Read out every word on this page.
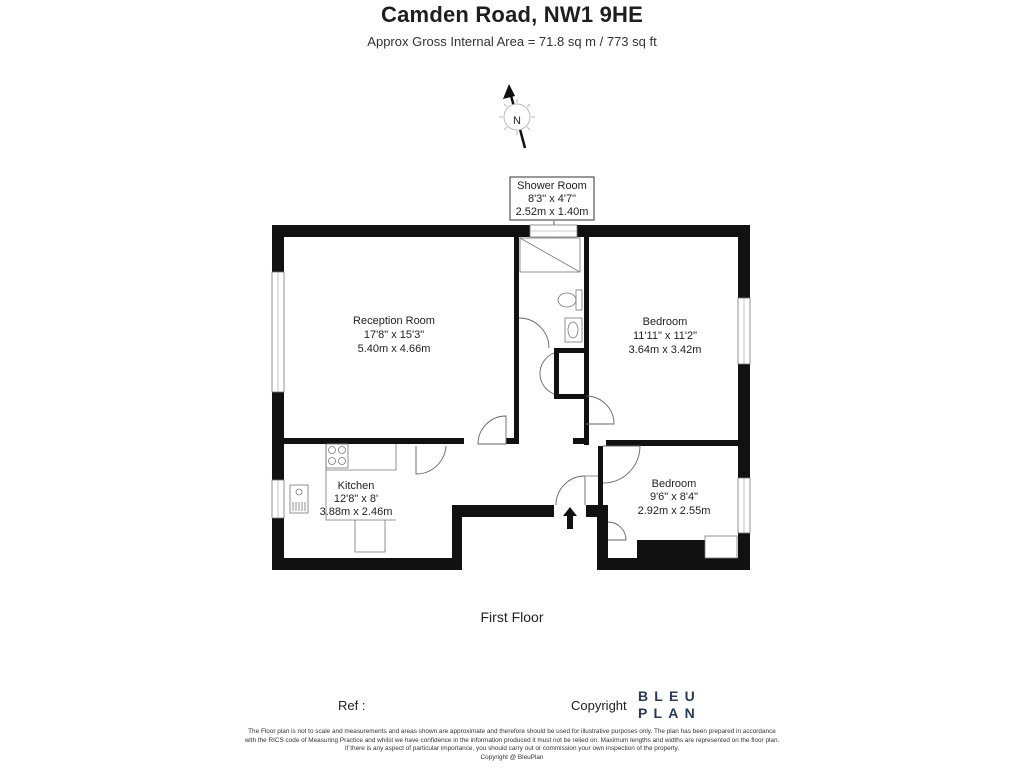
Camden Road, NW1 9HE
Approx Gross Internal Area = 71.8 sq m / 773 sq ft
N
Shower Room
8'3" x 4'7"
2.52m x 1.40m
Reception Room
17'8" x 15'3"
5.40m x 4.66m
Bedroom
11'11" x 11'2"
3.64m x 3.42m
Kitchen
12'8" x 8'
3.88m x 2.46m
Bedroom
9'6" x 8'4"
2.92m x 2.55m
First Floor
Ref :	Copyright
BLEU
PLAN

The Floor plan is not to scale and measurements and areas shown are approximate and therefore should be used for illustrative purposes only. The plan has been prepared in accordance

with the RICS code of Measuring Practice and whilst we have confidence in the information produced it must not be relied on. Maximum lengths and widths are represented on the floor plan.

If there is any aspect of particular importance, you should carry out or commission your own inspection of the property.

Copyright @ BleuPlan
